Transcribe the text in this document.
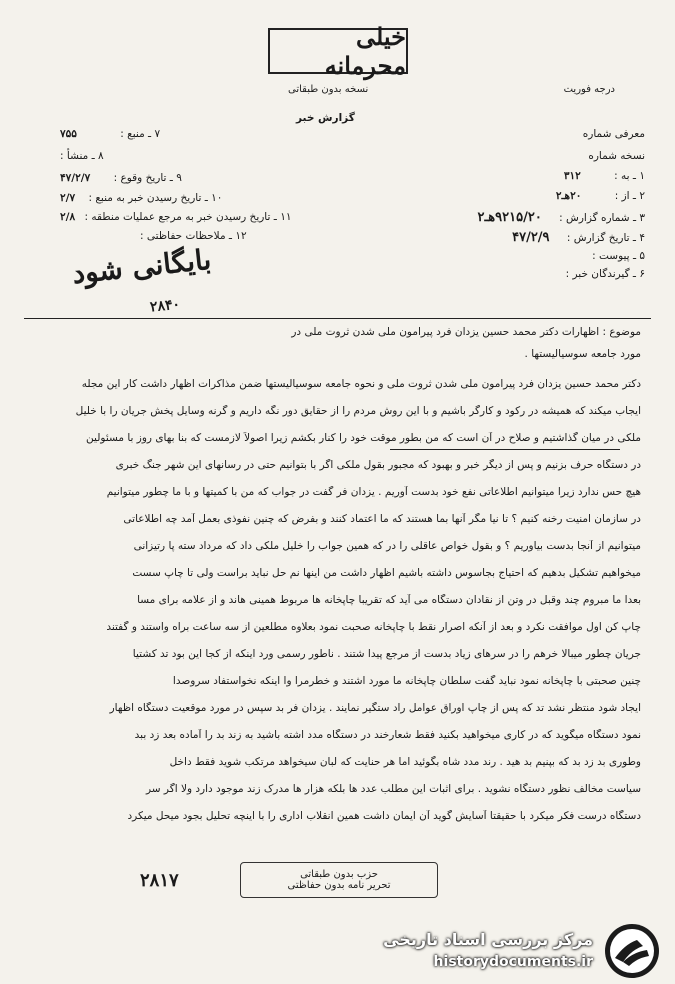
خیلی محرمانه
نسخه بدون طبقاتی	درجه فوریت
گزارش خبر
۷ ـ منبع : ۷۵۵
۸ ـ منشأ :
۹ ـ تاریخ وقوع : ۴۷/۲/۷
۱۰ ـ تاریخ رسیدن خبر به منبع : ۲/۷
۱۱ ـ تاریخ رسیدن خبر به مرجع عملیات منطقه : ۲/۸
۱۲ ـ ملاحظات حفاظتی :
معرفی شماره
نسخه شماره
۱ ـ به : ۳۱۲
۲ ـ از : ۲۰هـ۲
۳ ـ شماره گزارش : ۹۲۱۵/۲۰هـ۲
۴ ـ تاریخ گزارش : ۴۷/۲/۹
۵ ـ پیوست :
۶ ـ گیرندگان خبر :
بایگانی شود
۲۸۴۰
موضوع : اظهارات دکتر محمد حسین یزدان فرد پیرامون ملی شدن ثروت ملی در
مورد جامعه سوسیالیستها .
دکتر محمد حسین یزدان فرد پیرامون ملی شدن ثروت ملی و نحوه جامعه سوسیالیستها ضمن مذاکرات اظهار داشت کار این مجله
ایجاب میکند که همیشه در رکود و کارگر باشیم و با این روش مردم را از حقایق دور نگه داریم و گرنه وسایل پخش جریان را با خلیل
ملکی در میان گذاشتیم و صلاح در آن است که من بطور موقت خود را کنار بکشم زیرا اصولاً لازمست که بنا بهای روز با مسئولین
در دستگاه حرف بزنیم و پس از دیگر خبر و بهبود که مجبور بقول ملکی اگر با بتوانیم حتی در رسانهای این شهر جنگ خبری
هیچ حس ندارد زیرا میتوانیم اطلاعاتی نفع خود بدست آوریم . یزدان فر گفت در جواب که من با کمیتها و با ما چطور میتوانیم
در سازمان امنیت رخنه کنیم ؟ تا نیا مگر آنها بما هستند که ما اعتماد کنند و بفرض که چنین نفوذی بعمل آمد چه اطلاعاتی
میتوانیم از آنجا بدست بیاوریم ؟ و بقول خواص عاقلی را در که همین جواب را خلیل ملکی داد که مرداد سته پا رتیزانی
میخواهیم تشکیل بدهیم که احتیاج بجاسوس داشته باشیم اظهار داشت من اینها نم حل نباید براست ولی تا چاپ سست
بعدا ما مبروم چند وقبل در وتن از نقادان دستگاه می آید که تقریبا چاپخانه ها مربوط همینی هاند و از علامه برای مسا
چاپ کن اول موافقت نکرد و بعد از آنکه اصرار نقط با چاپخانه صحبت نمود بعلاوه مطلعین از سه ساعت براه واستند و گفتند
جریان چطور میبالا خرهم را در سرهای زیاد بدست از مرجع پیدا شتند . ناطور رسمی ورد اینکه از کجا این بود تد کشتیا
چنین صحبتی با چاپخانه نمود نباید گفت سلطان چاپخانه ما مورد اشتند و خطرمرا وا اینکه نخواستفاد سروصدا
ایجاد شود منتظر نشد تد که پس از چاپ اوراق عوامل راد ستگیر نمایند . یزدان فر بد سپس در مورد موقعیت دستگاه اظهار
نمود دستگاه میگوید که در کاری میخواهید بکنید فقط شعارخند در دستگاه مدد اشته باشید به زند بد را آماده بعد زد ببد
وطوری بد زد بد که بپنیم بد هید . رند مدد شاه بگوئید اما هر حنایت که لبان سیخواهد مرتکب شوید فقط داخل
سیاست مخالف نظور دستگاه نشوید . برای اثبات این مطلب عدد ها بلکه هزار ها مدرک زند موجود دارد ولا اگر سر
دستگاه درست فکر میکرد با حقیقتا آسایش گوید آن ایمان داشت همین انقلاب اداری را با اینچه تحلیل بجود میحل میکرد
حزب بدون طبقاتی
تحریر نامه بدون حفاظتی
۲۸۱۷
مرکز بررسی اسناد تاریخی
historydocuments.ir
